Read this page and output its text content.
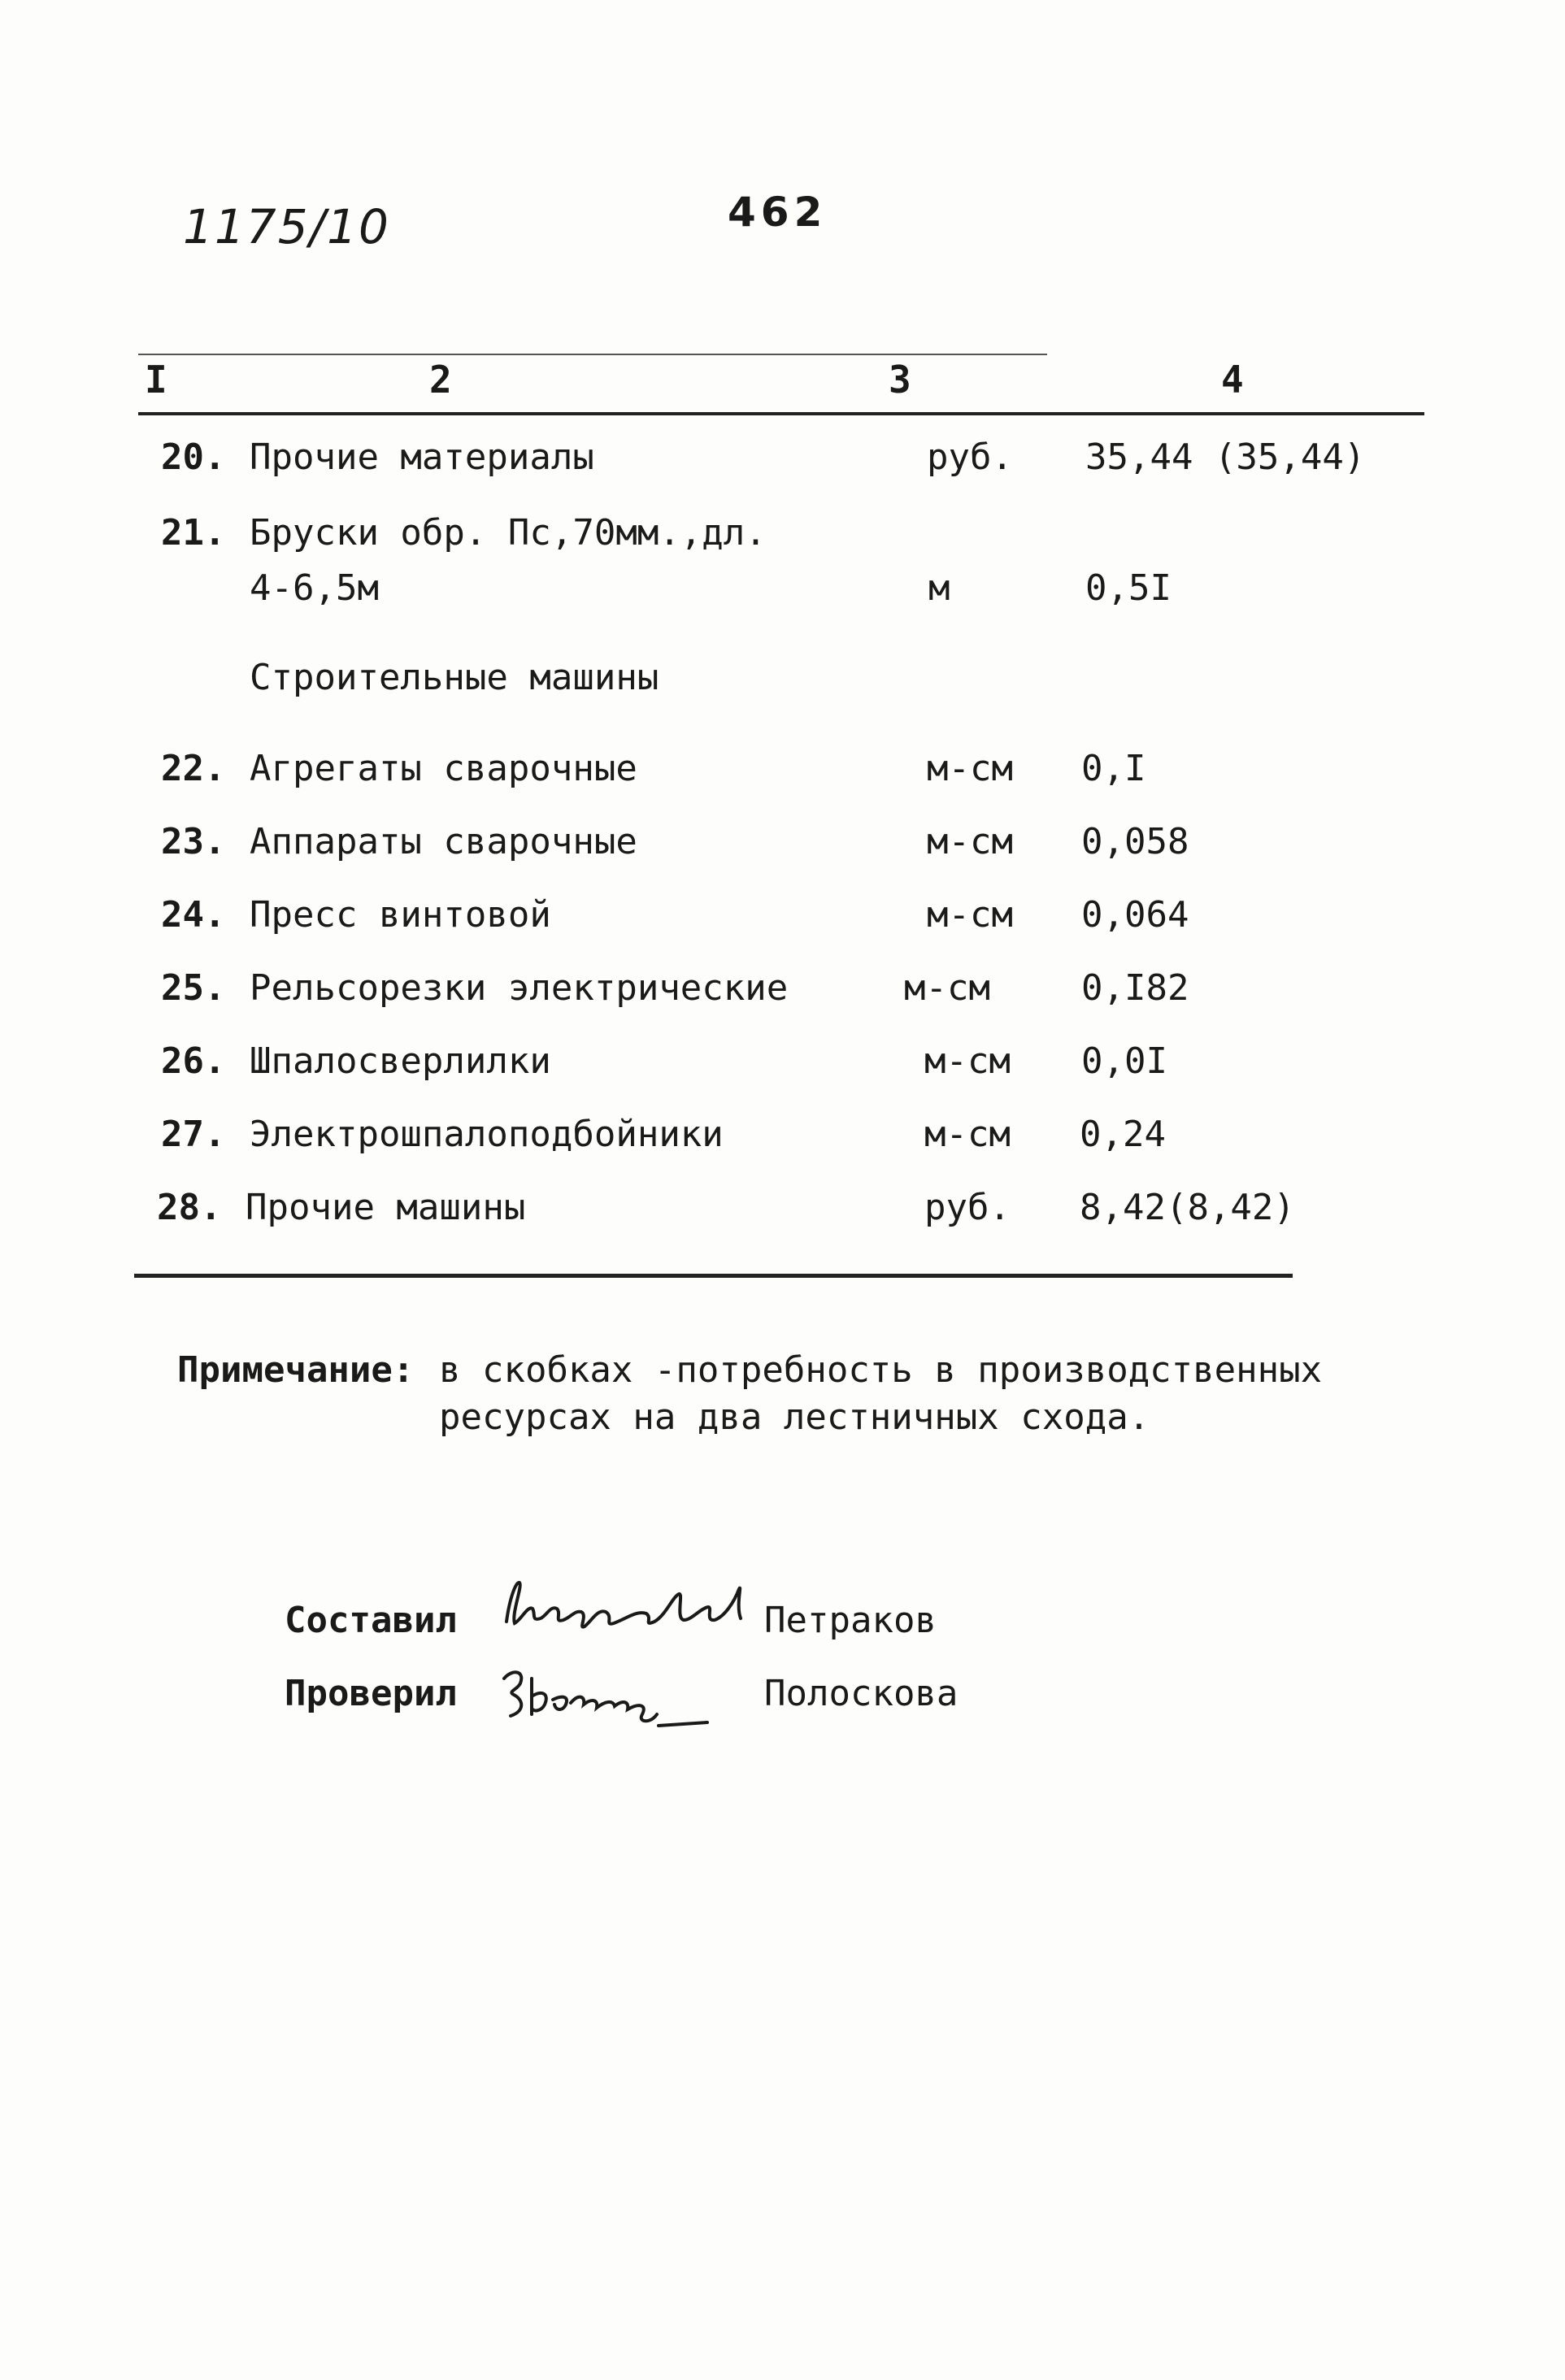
1175/10	462
I	2	3	4
20. Прочие материалы	руб. 35,44 (35,44)
21. Бруски обр. Пс,70мм.,дл.
4-6,5м	м	0,5I
Строительные машины
22. Агрегаты сварочные	м-см 0,I
23. Аппараты сварочные	м-см 0,058
24. Пресс винтовой	м-см 0,064
25. Рельсорезки электрические	м-см	0,I82
26. Шпалосверлилки	м-см 0,0I
27. Электрошпалоподбойники	м-см 0,24
28. Прочие машины	руб. 8,42(8,42)
Примечание: в скобках -потребность в производственных
ресурсах на два лестничных схода.
Составил	Петраков
Проверил	Полоскова
